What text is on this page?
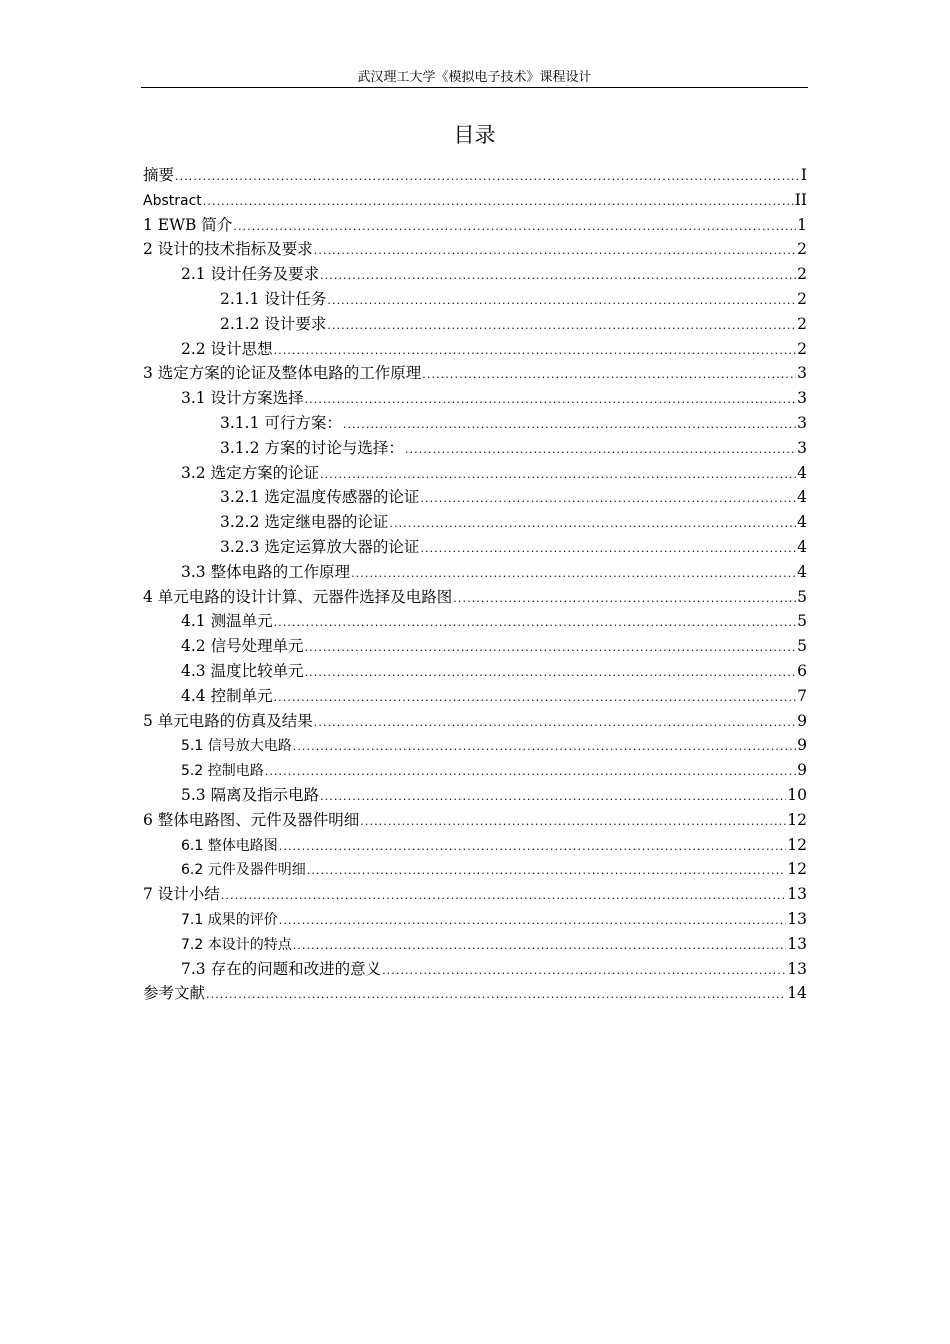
武汉理工大学《模拟电子技术》课程设计
目录
摘要 .....	I
Abstract .....	II
1 EWB 简介 .....	1
2 设计的技术指标及要求 .....	2
2.1 设计任务及要求 .....	2
2.1.1 设计任务 .....	2
2.1.2 设计要求 .....	2
2.2 设计思想 .....	2
3 选定方案的论证及整体电路的工作原理 .....	3
3.1 设计方案选择 .....	3
3.1.1 可行方案： .....	3
3.1.2 方案的讨论与选择： .....	3
3.2 选定方案的论证 .....	4
3.2.1 选定温度传感器的论证 .....	4
3.2.2 选定继电器的论证 .....	4
3.2.3 选定运算放大器的论证 .....	4
3.3 整体电路的工作原理 .....	4
4 单元电路的设计计算、元器件选择及电路图 .....	5
4.1 测温单元 .....	5
4.2 信号处理单元 .....	5
4.3 温度比较单元 .....	6
4.4 控制单元 .....	7
5 单元电路的仿真及结果 .....	9
5.1 信号放大电路 .....	9
5.2 控制电路 .....	9
5.3 隔离及指示电路 .....	10
6 整体电路图、元件及器件明细 .....	12
6.1 整体电路图 .....	12
6.2 元件及器件明细 .....	12
7 设计小结 .....	13
7.1 成果的评价 .....	13
7.2 本设计的特点 .....	13
7.3 存在的问题和改进的意义 .....	13
参考文献 .....	14
